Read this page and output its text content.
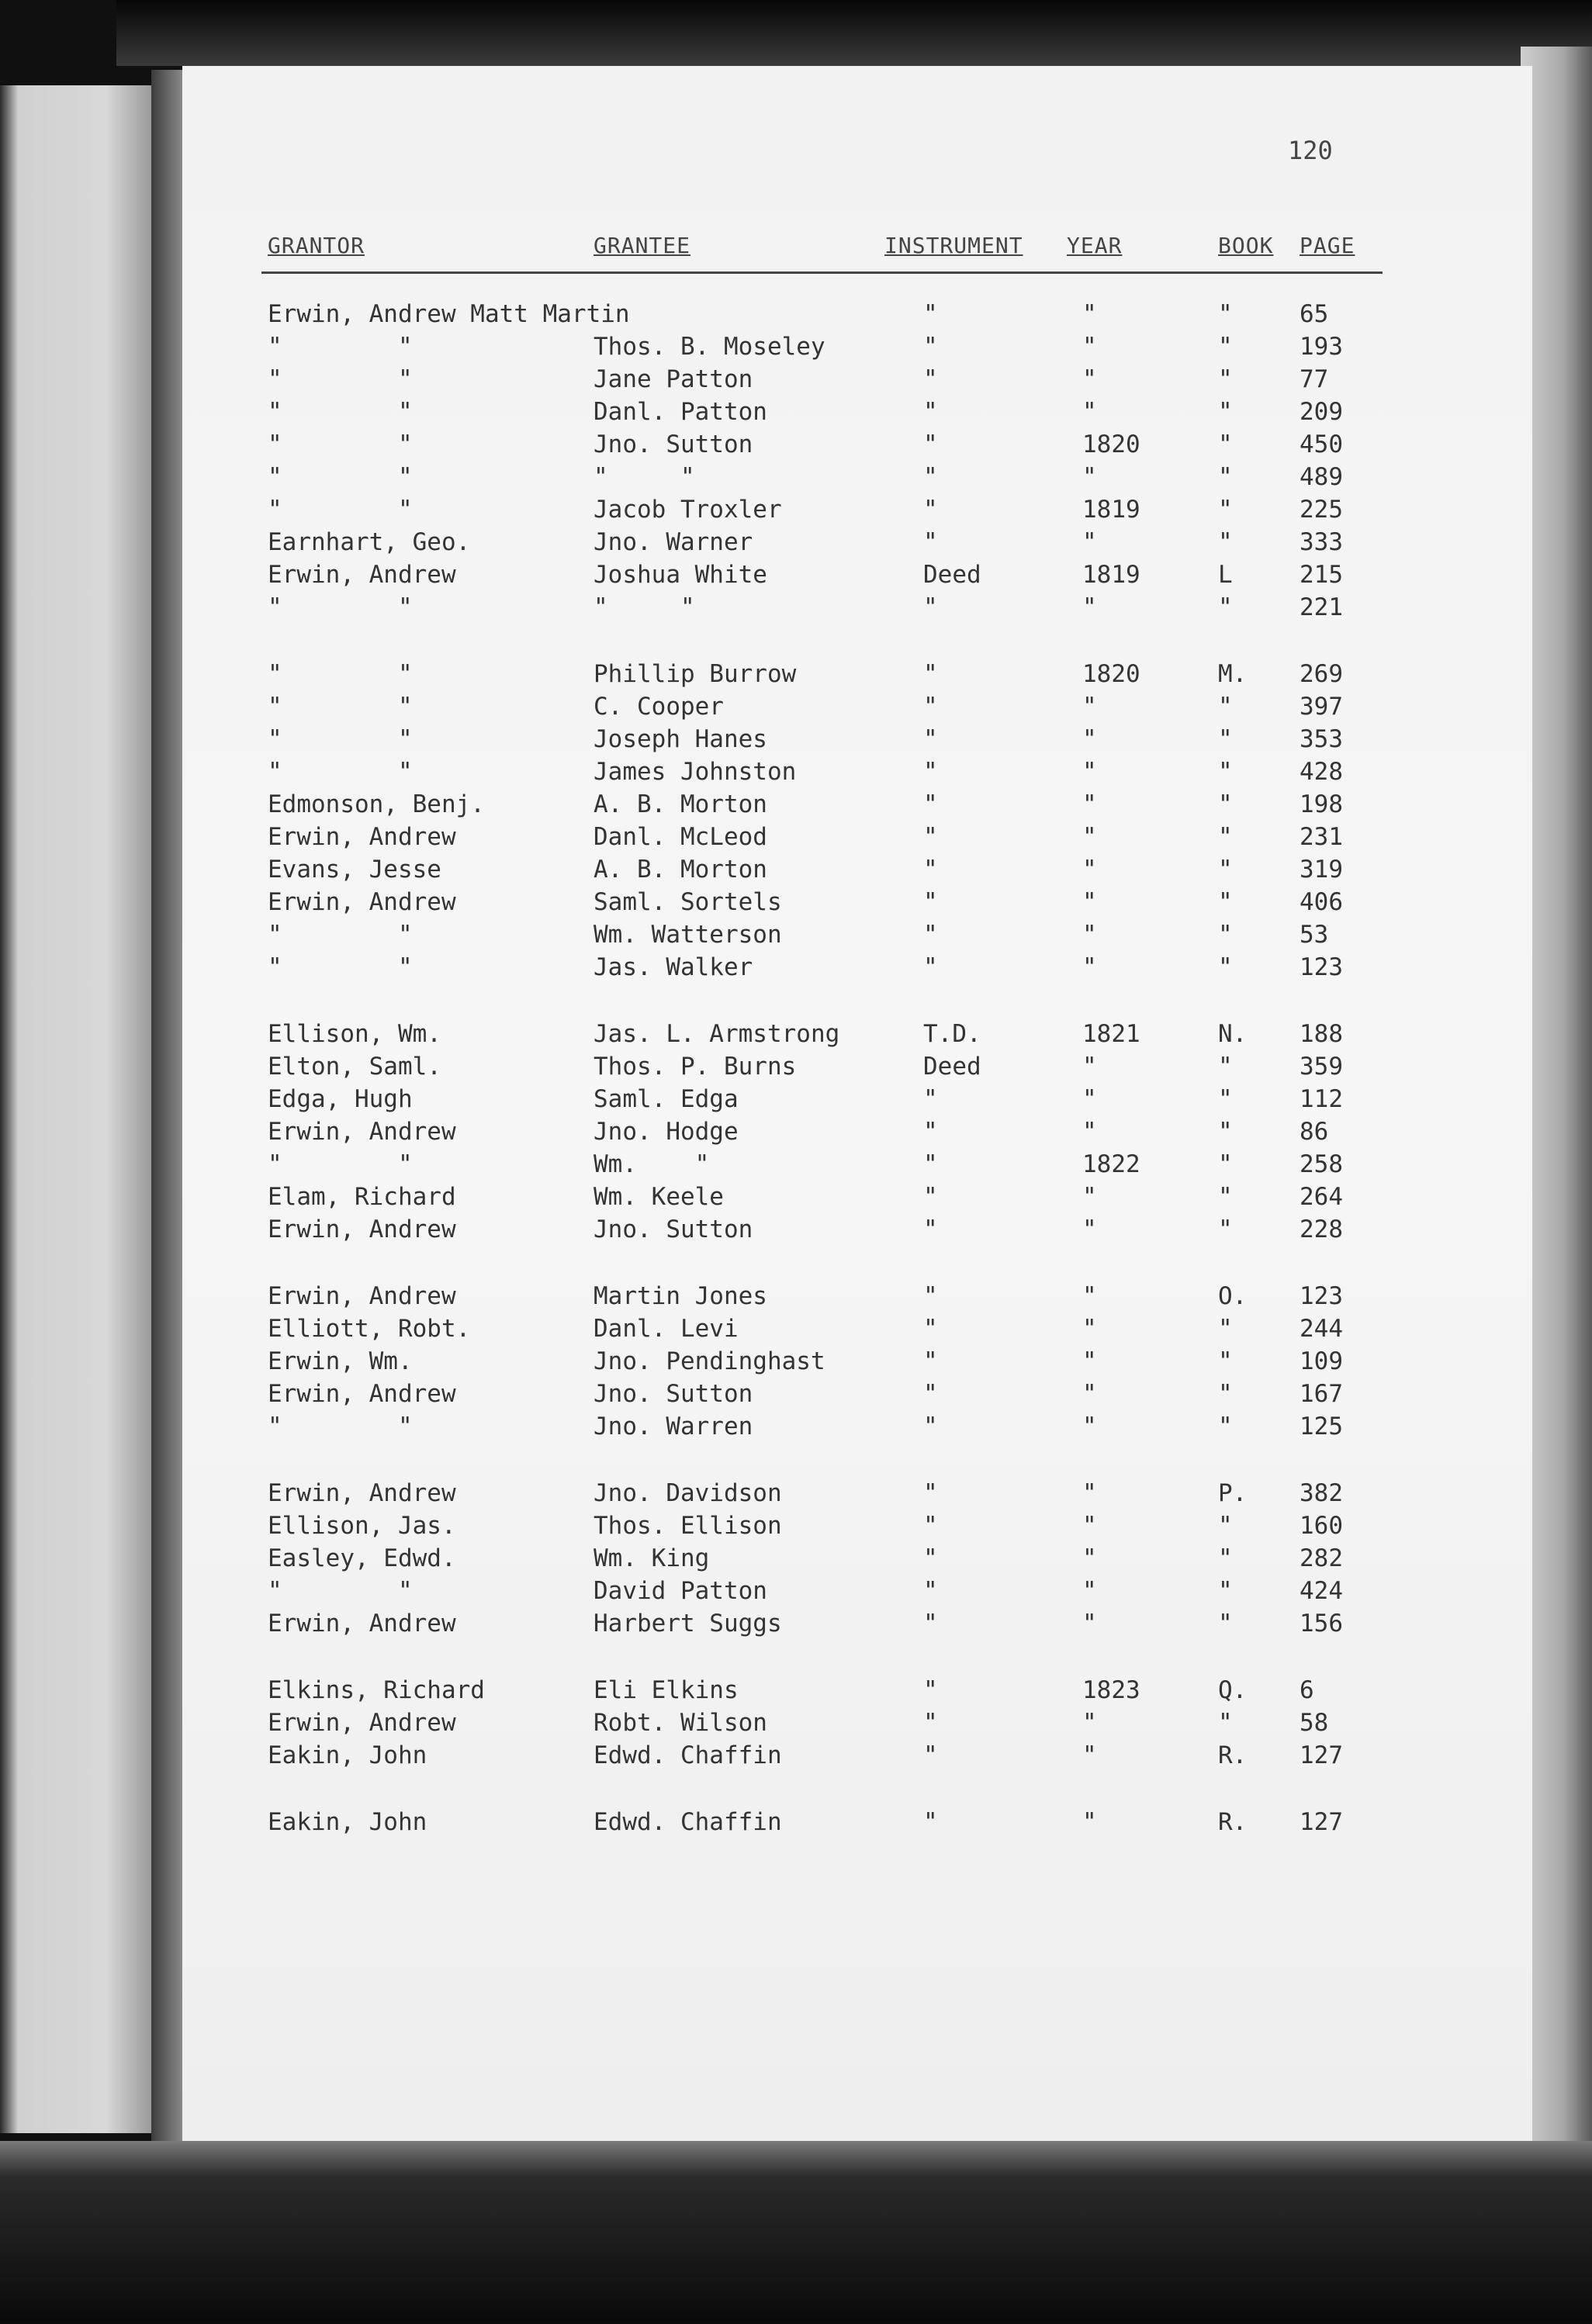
120
GRANTOR	GRANTEE	INSTRUMENT YEAR	BOOK PAGE
Erwin, Andrew Matt Martin	"	"	"	65
"        "	Thos. B. Moseley	"	"	"	193
"        "	Jane Patton	"	"	"	77
"        "	Danl. Patton	"	"	"	209
"        "	Jno. Sutton	"	1820	"	450
"        "	"     "	"	"	"	489
"        "	Jacob Troxler	"	1819	"	225
Earnhart, Geo.	Jno. Warner	"	"	"	333
Erwin, Andrew	Joshua White	Deed	1819	L	215
"        "	"     "	"	"	"	221
"        "	Phillip Burrow	"	1820	M. 269
"        "	C. Cooper	"	"	"	397
"        "	Joseph Hanes	"	"	"	353
"        "	James Johnston	"	"	"	428
Edmonson, Benj.	A. B. Morton	"	"	"	198
Erwin, Andrew	Danl. McLeod	"	"	"	231
Evans, Jesse	A. B. Morton	"	"	"	319
Erwin, Andrew	Saml. Sortels	"	"	"	406
"        "	Wm. Watterson	"	"	"	53
"        "	Jas. Walker	"	"	"	123
Ellison, Wm.	Jas. L. Armstrong	T.D.	1821	N. 188
Elton, Saml.	Thos. P. Burns	Deed	"	"	359
Edga, Hugh	Saml. Edga	"	"	"	112
Erwin, Andrew	Jno. Hodge	"	"	"	86
"        "	Wm.    "	"	1822	"	258
Elam, Richard	Wm. Keele	"	"	"	264
Erwin, Andrew	Jno. Sutton	"	"	"	228
Erwin, Andrew	Martin Jones	"	"	O. 123
Elliott, Robt.	Danl. Levi	"	"	"	244
Erwin, Wm.	Jno. Pendinghast	"	"	"	109
Erwin, Andrew	Jno. Sutton	"	"	"	167
"        "	Jno. Warren	"	"	"	125
Erwin, Andrew	Jno. Davidson	"	"	P. 382
Ellison, Jas.	Thos. Ellison	"	"	"	160
Easley, Edwd.	Wm. King	"	"	"	282
"        "	David Patton	"	"	"	424
Erwin, Andrew	Harbert Suggs	"	"	"	156
Elkins, Richard	Eli Elkins	"	1823	Q. 6
Erwin, Andrew	Robt. Wilson	"	"	"	58
Eakin, John	Edwd. Chaffin	"	"	R. 127
Eakin, John	Edwd. Chaffin	"	"	R. 127
